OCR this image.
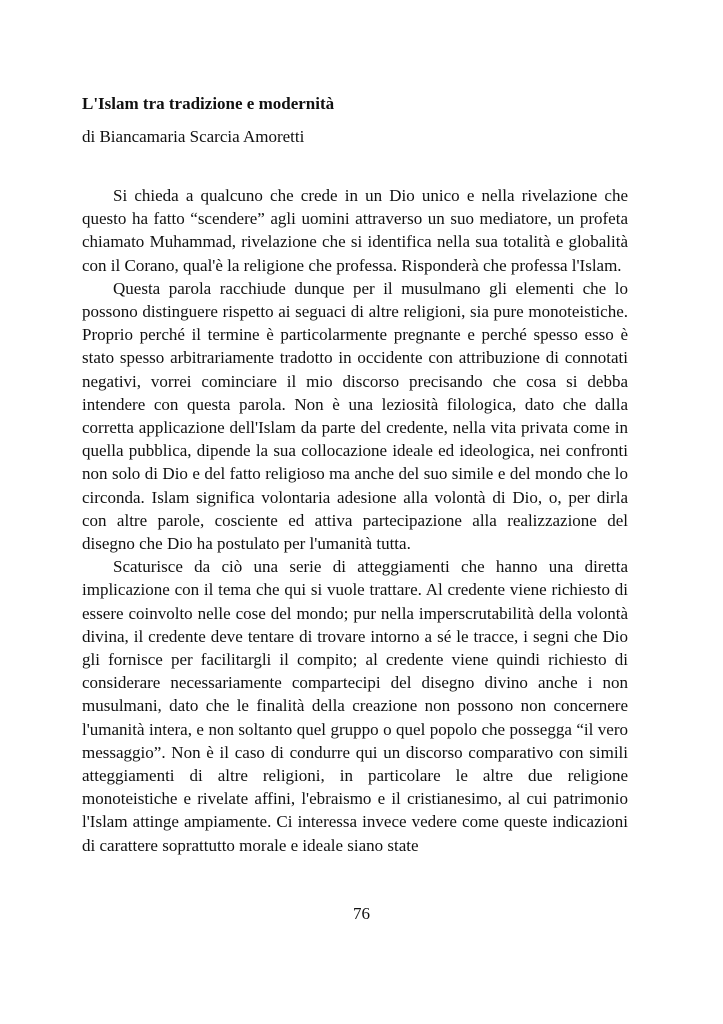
L'Islam tra tradizione e modernità

di Biancamaria Scarcia Amoretti

Si chieda a qualcuno che crede in un Dio unico e nella rivelazione che questo ha fatto “scendere” agli uomini attraverso un suo mediatore, un profeta chiamato Muhammad, rivelazione che si identifica nella sua totalità e globalità con il Corano, qual'è la religione che professa. Risponderà che professa l'Islam.

Questa parola racchiude dunque per il musulmano gli elementi che lo possono distinguere rispetto ai seguaci di altre religioni, sia pure monoteistiche. Proprio perché il termine è particolarmente pregnante e perché spesso esso è stato spesso arbitrariamente tradotto in occidente con attribuzione di connotati negativi, vorrei cominciare il mio discorso precisando che cosa si debba intendere con questa parola. Non è una leziosità filologica, dato che dalla corretta applicazione dell'Islam da parte del credente, nella vita privata come in quella pubblica, dipende la sua collocazione ideale ed ideologica, nei confronti non solo di Dio e del fatto religioso ma anche del suo simile e del mondo che lo circonda. Islam significa volontaria adesione alla volontà di Dio, o, per dirla con altre parole, cosciente ed attiva partecipazione alla realizzazione del disegno che Dio ha postulato per l'umanità tutta.

Scaturisce da ciò una serie di atteggiamenti che hanno una diretta implicazione con il tema che qui si vuole trattare. Al credente viene richiesto di essere coinvolto nelle cose del mondo; pur nella imperscrutabilità della volontà divina, il credente deve tentare di trovare intorno a sé le tracce, i segni che Dio gli fornisce per facilitargli il compito; al credente viene quindi richiesto di considerare necessariamente compartecipi del disegno divino anche i non musulmani, dato che le finalità della creazione non possono non concernere l'umanità intera, e non soltanto quel gruppo o quel popolo che possegga “il vero messaggio”. Non è il caso di condurre qui un discorso comparativo con simili atteggiamenti di altre religioni, in particolare le altre due religione monoteistiche e rivelate affini, l'ebraismo e il cristianesimo, al cui patrimonio l'Islam attinge ampiamente. Ci interessa invece vedere come queste indicazioni di carattere soprattutto morale e ideale siano state

76
